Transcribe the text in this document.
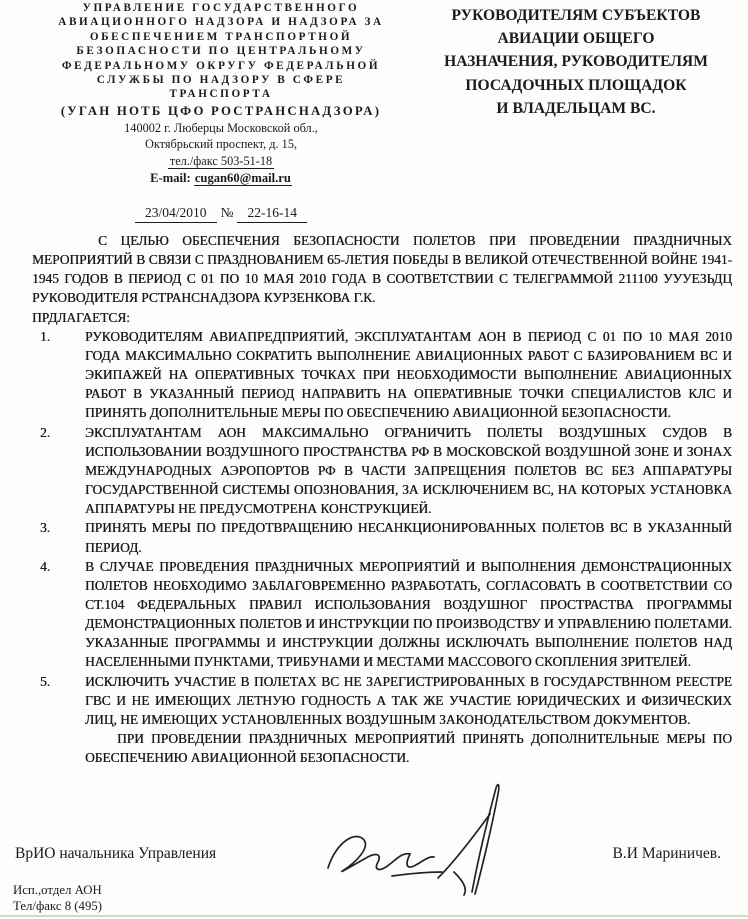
УПРАВЛЕНИЕ ГОСУДАРСТВЕННОГО
АВИАЦИОННОГО НАДЗОРА И НАДЗОРА ЗА
ОБЕСПЕЧЕНИЕМ ТРАНСПОРТНОЙ
БЕЗОПАСНОСТИ ПО ЦЕНТРАЛЬНОМУ
ФЕДЕРАЛЬНОМУ ОКРУГУ ФЕДЕРАЛЬНОЙ
СЛУЖБЫ ПО НАДЗОРУ В СФЕРЕ
ТРАНСПОРТА
(УГАН НОТБ ЦФО РОСТРАНСНАДЗОРА)
140002 г. Люберцы Московской обл.,
Октябрьский проспект, д. 15,
тел./факс 503-51-18
E-mail: cugan60@mail.ru
23/04/2010 № 22-16-14
РУКОВОДИТЕЛЯМ СУБЪЕКТОВ
АВИАЦИИ ОБЩЕГО
НАЗНАЧЕНИЯ, РУКОВОДИТЕЛЯМ
ПОСАДОЧНЫХ ПЛОЩАДОК
И ВЛАДЕЛЬЦАМ ВС.

С ЦЕЛЬЮ ОБЕСПЕЧЕНИЯ БЕЗОПАСНОСТИ ПОЛЕТОВ ПРИ ПРОВЕДЕНИИ ПРАЗДНИЧНЫХ МЕРОПРИЯТИЙ В СВЯЗИ С ПРАЗДНОВАНИЕМ 65-ЛЕТИЯ ПОБЕДЫ В ВЕЛИКОЙ ОТЕЧЕСТВЕННОЙ ВОЙНЕ 1941-1945 ГОДОВ В ПЕРИОД С 01 ПО 10 МАЯ 2010 ГОДА В СООТВЕТСТВИИ С ТЕЛЕГРАММОЙ 211100 УУУЕЗЬДЦ РУКОВОДИТЕЛЯ РСТРАНСНАДЗОРА КУРЗЕНКОВА Г.К.

ПРДЛАГАЕТСЯ:

1.	РУКОВОДИТЕЛЯМ АВИАПРЕДПРИЯТИЙ, ЭКСПЛУАТАНТАМ АОН В ПЕРИОД С 01 ПО 10 МАЯ 2010 ГОДА МАКСИМАЛЬНО СОКРАТИТЬ ВЫПОЛНЕНИЕ АВИАЦИОННЫХ РАБОТ С БАЗИРОВАНИЕМ ВС И ЭКИПАЖЕЙ НА ОПЕРАТИВНЫХ ТОЧКАХ ПРИ НЕОБХОДИМОСТИ ВЫПОЛНЕНИЕ АВИАЦИОННЫХ РАБОТ В УКАЗАННЫЙ ПЕРИОД НАПРАВИТЬ НА ОПЕРАТИВНЫЕ ТОЧКИ СПЕЦИАЛИСТОВ КЛС И ПРИНЯТЬ ДОПОЛНИТЕЛЬНЫЕ МЕРЫ ПО ОБЕСПЕЧЕНИЮ АВИАЦИОННОЙ БЕЗОПАСНОСТИ.
2.	ЭКСПЛУАТАНТАМ АОН МАКСИМАЛЬНО ОГРАНИЧИТЬ ПОЛЕТЫ ВОЗДУШНЫХ СУДОВ В ИСПОЛЬЗОВАНИИ ВОЗДУШНОГО ПРОСТРАНСТВА РФ В МОСКОВСКОЙ ВОЗДУШНОЙ ЗОНЕ И ЗОНАХ МЕЖДУНАРОДНЫХ АЭРОПОРТОВ РФ В ЧАСТИ ЗАПРЕЩЕНИЯ ПОЛЕТОВ ВС БЕЗ АППАРАТУРЫ ГОСУДАРСТВЕННОЙ СИСТЕМЫ ОПОЗНОВАНИЯ, ЗА ИСКЛЮЧЕНИЕМ ВС, НА КОТОРЫХ УСТАНОВКА АППАРАТУРЫ НЕ ПРЕДУСМОТРЕНА КОНСТРУКЦИЕЙ.
3.	ПРИНЯТЬ МЕРЫ ПО ПРЕДОТВРАЩЕНИЮ НЕСАНКЦИОНИРОВАННЫХ ПОЛЕТОВ ВС В УКАЗАННЫЙ ПЕРИОД.
4.	В СЛУЧАЕ ПРОВЕДЕНИЯ ПРАЗДНИЧНЫХ МЕРОПРИЯТИЙ И ВЫПОЛНЕНИЯ ДЕМОНСТРАЦИОННЫХ ПОЛЕТОВ НЕОБХОДИМО ЗАБЛАГОВРЕМЕННО РАЗРАБОТАТЬ, СОГЛАСОВАТЬ В СООТВЕТСТВИИ СО СТ.104 ФЕДЕРАЛЬНЫХ ПРАВИЛ ИСПОЛЬЗОВАНИЯ ВОЗДУШНОГ ПРОСТРАСТВА ПРОГРАММЫ ДЕМОНСТРАЦИОННЫХ ПОЛЕТОВ И ИНСТРУКЦИИ ПО ПРОИЗВОДСТВУ И УПРАВЛЕНИЮ ПОЛЕТАМИ. УКАЗАННЫЕ ПРОГРАММЫ И ИНСТРУКЦИИ ДОЛЖНЫ ИСКЛЮЧАТЬ ВЫПОЛНЕНИЕ ПОЛЕТОВ НАД НАСЕЛЕННЫМИ ПУНКТАМИ, ТРИБУНАМИ И МЕСТАМИ МАССОВОГО СКОПЛЕНИЯ ЗРИТЕЛЕЙ.
5.	ИСКЛЮЧИТЬ УЧАСТИЕ В ПОЛЕТАХ ВС НЕ ЗАРЕГИСТРИРОВАННЫХ В ГОСУДАРСТВННОМ РЕЕСТРЕ ГВС И НЕ ИМЕЮЩИХ ЛЕТНУЮ ГОДНОСТЬ А ТАК ЖЕ УЧАСТИЕ ЮРИДИЧЕСКИХ И ФИЗИЧЕСКИХ ЛИЦ, НЕ ИМЕЮЩИХ УСТАНОВЛЕННЫХ ВОЗДУШНЫМ ЗАКОНОДАТЕЛЬСТВОМ ДОКУМЕНТОВ.

ПРИ ПРОВЕДЕНИИ ПРАЗДНИЧНЫХ МЕРОПРИЯТИЙ ПРИНЯТЬ ДОПОЛНИТЕЛЬНЫЕ МЕРЫ ПО ОБЕСПЕЧЕНИЮ АВИАЦИОННОЙ БЕЗОПАСНОСТИ.

ВрИО начальника Управления	В.И Мариничев.
Исп.,отдел АОН
Тел/факс 8 (495)
